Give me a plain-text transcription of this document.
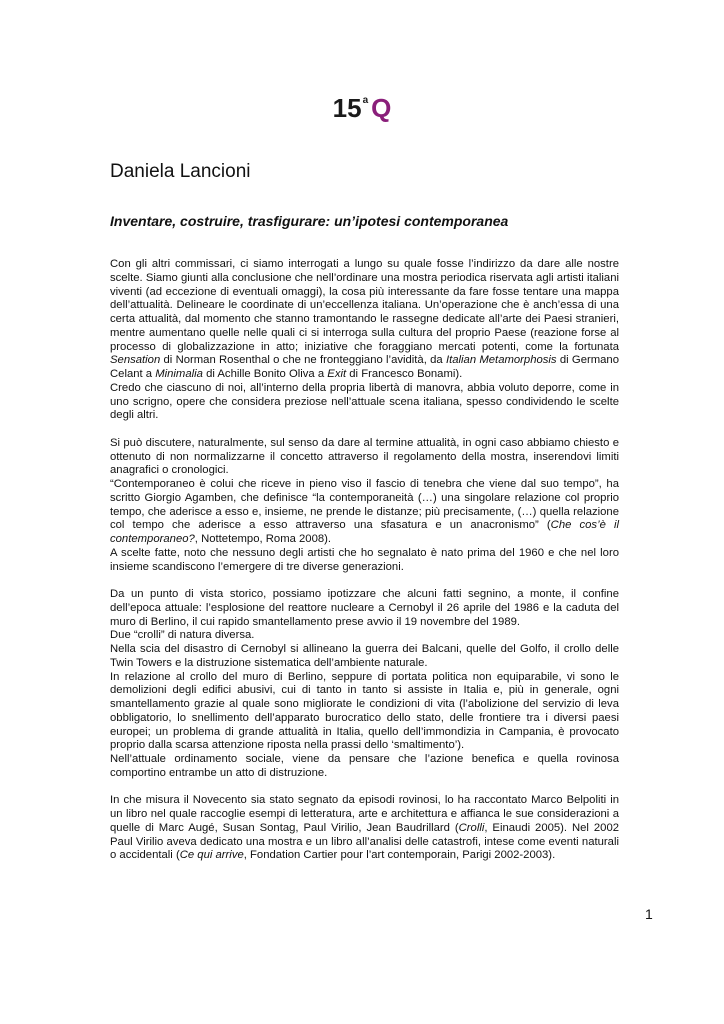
15$^a$ Q
Daniela Lancioni
Inventare, costruire, trasfigurare: un’ipotesi contemporanea

Con gli altri commissari, ci siamo interrogati a lungo su quale fosse l’indirizzo da dare alle nostre scelte. Siamo giunti alla conclusione che nell’ordinare una mostra periodica riservata agli artisti italiani viventi (ad eccezione di eventuali omaggi), la cosa più interessante da fare fosse tentare una mappa dell’attualità. Delineare le coordinate di un’eccellenza italiana. Un’operazione che è anch’essa di una certa attualità, dal momento che stanno tramontando le rassegne dedicate all’arte dei Paesi stranieri, mentre aumentano quelle nelle quali ci si interroga sulla cultura del proprio Paese (reazione forse al processo di globalizzazione in atto; iniziative che foraggiano mercati potenti, come la fortunata Sensation di Norman Rosenthal o che ne fronteggiano l’avidità, da Italian Metamorphosis di Germano Celant a Minimalia di Achille Bonito Oliva a Exit di Francesco Bonami).

Credo che ciascuno di noi, all’interno della propria libertà di manovra, abbia voluto deporre, come in uno scrigno, opere che considera preziose nell’attuale scena italiana, spesso condividendo le scelte degli altri.

Si può discutere, naturalmente, sul senso da dare al termine attualità, in ogni caso abbiamo chiesto e ottenuto di non normalizzarne il concetto attraverso il regolamento della mostra, inserendovi limiti anagrafici o cronologici.

“Contemporaneo è colui che riceve in pieno viso il fascio di tenebra che viene dal suo tempo”, ha scritto Giorgio Agamben, che definisce “la contemporaneità (…) una singolare relazione col proprio tempo, che aderisce a esso e, insieme, ne prende le distanze; più precisamente, (…) quella relazione col tempo che aderisce a esso attraverso una sfasatura e un anacronismo” (Che cos’è il contemporaneo?, Nottetempo, Roma 2008).

A scelte fatte, noto che nessuno degli artisti che ho segnalato è nato prima del 1960 e che nel loro insieme scandiscono l’emergere di tre diverse generazioni.

Da un punto di vista storico, possiamo ipotizzare che alcuni fatti segnino, a monte, il confine dell’epoca attuale: l’esplosione del reattore nucleare a Cernobyl il 26 aprile del 1986 e la caduta del muro di Berlino, il cui rapido smantellamento prese avvio il 19 novembre del 1989.

Due “crolli” di natura diversa.

Nella scia del disastro di Cernobyl si allineano la guerra dei Balcani, quelle del Golfo, il crollo delle Twin Towers e la distruzione sistematica dell’ambiente naturale.

In relazione al crollo del muro di Berlino, seppure di portata politica non equiparabile, vi sono le demolizioni degli edifici abusivi, cui di tanto in tanto si assiste in Italia e, più in generale, ogni smantellamento grazie al quale sono migliorate le condizioni di vita (l’abolizione del servizio di leva obbligatorio, lo snellimento dell’apparato burocratico dello stato, delle frontiere tra i diversi paesi europei; un problema di grande attualità in Italia, quello dell’immondizia in Campania, è provocato proprio dalla scarsa attenzione riposta nella prassi dello ‘smaltimento’).

Nell’attuale ordinamento sociale, viene da pensare che l’azione benefica e quella rovinosa comportino entrambe un atto di distruzione.

In che misura il Novecento sia stato segnato da episodi rovinosi, lo ha raccontato Marco Belpoliti in un libro nel quale raccoglie esempi di letteratura, arte e architettura e affianca le sue considerazioni a quelle di Marc Augé, Susan Sontag, Paul Virilio, Jean Baudrillard (Crolli, Einaudi 2005). Nel 2002 Paul Virilio aveva dedicato una mostra e un libro all’analisi delle catastrofi, intese come eventi naturali o accidentali (Ce qui arrive, Fondation Cartier pour l’art contemporain, Parigi 2002-2003).

1
